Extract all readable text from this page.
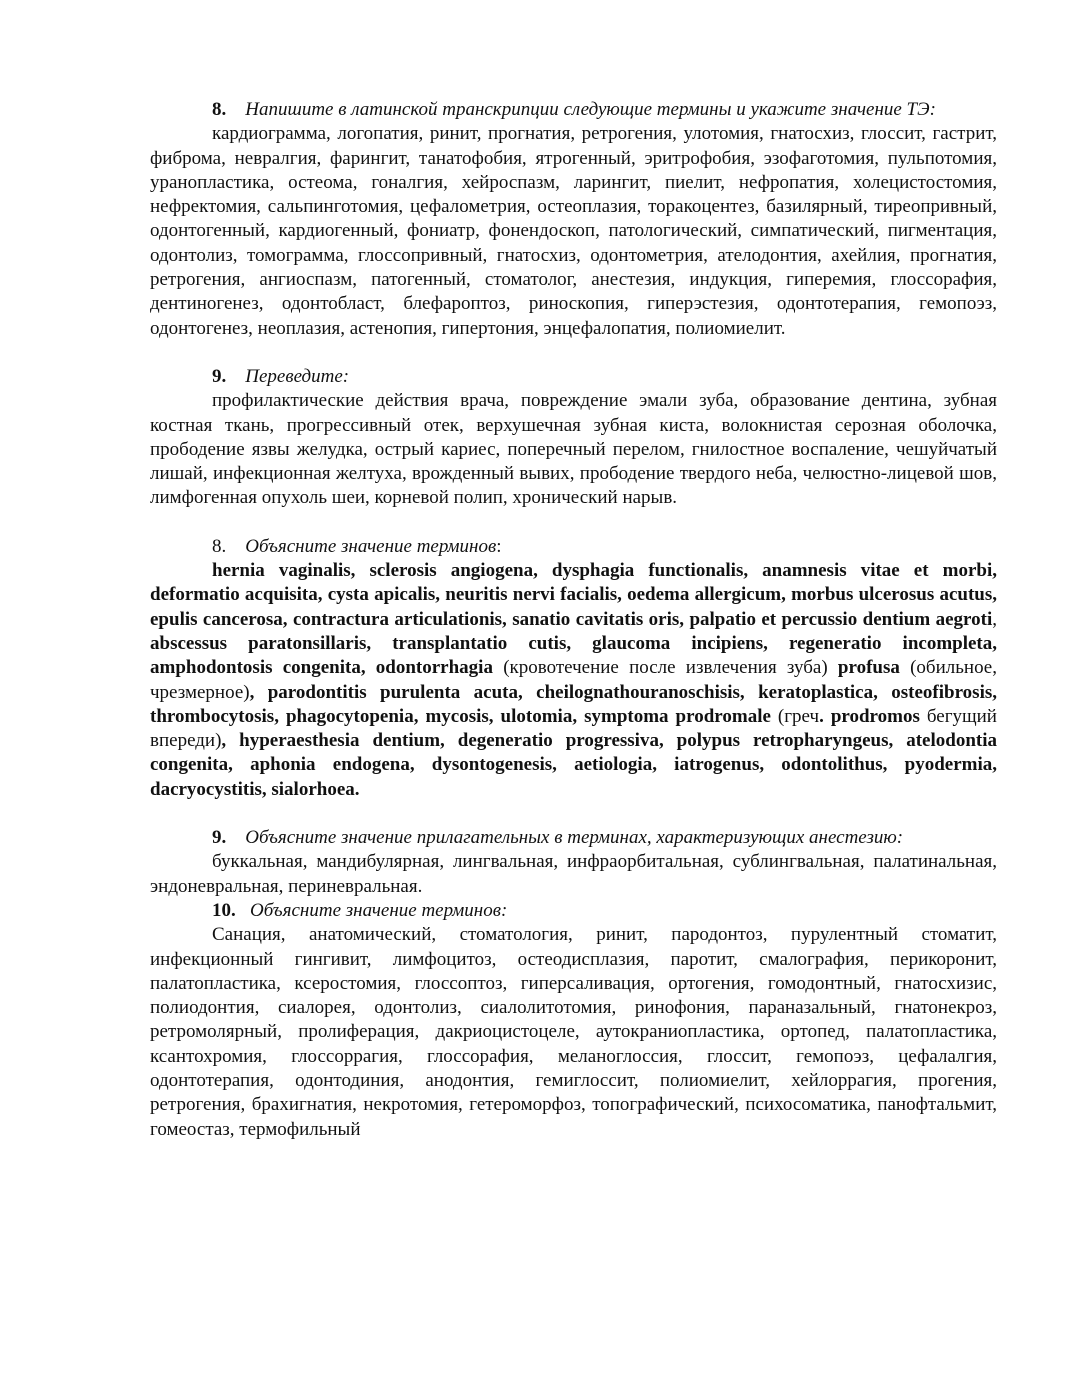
8. Напишите в латинской транскрипции следующие термины и укажите значение ТЭ:

кардиограмма, логопатия, ринит, прогнатия, ретрогения, улотомия, гнатосхиз, глоссит, гастрит, фиброма, невралгия, фарингит, танатофобия, ятрогенный, эритрофобия, эзофаготомия, пульпотомия, уранопластика, остеома, гоналгия, хейроспазм, ларингит, пиелит, нефропатия, холецистостомия, нефректомия, сальпинготомия, цефалометрия, остеоплазия, торакоцентез, базилярный, тиреопривный, одонтогенный, кардиогенный, фониатр, фонендоскоп, патологический, симпатический, пигментация, одонтолиз, томограмма, глоссопривный, гнатосхиз, одонтометрия, ателодонтия, ахейлия, прогнатия, ретрогения, ангиоспазм, патогенный, стоматолог, анестезия, индукция, гиперемия, глоссорафия, дентиногенез, одонтобласт, блефароптоз, риноскопия, гиперэстезия, одонтотерапия, гемопоэз, одонтогенез, неоплазия, астенопия, гипертония, энцефалопатия, полиомиелит.

9. Переведите:

профилактические действия врача, повреждение эмали зуба, образование дентина, зубная костная ткань, прогрессивный отек, верхушечная зубная киста, волокнистая серозная оболочка, прободение язвы желудка, острый кариес, поперечный перелом, гнилостное воспаление, чешуйчатый лишай, инфекционная желтуха, врожденный вывих, прободение твердого неба, челюстно-лицевой шов, лимфогенная опухоль шеи, корневой полип, хронический нарыв.

8. Объясните значение терминов:

hernia vaginalis, sclerosis angiogena, dysphagia functionalis, anamnesis vitae et morbi, deformatio acquisita, cysta apicalis, neuritis nervi facialis, oedema allergicum, morbus ulcerosus acutus, epulis cancerosa, contractura articulationis, sanatio cavitatis oris, palpatio et percussio dentium aegroti, abscessus paratonsillaris, transplantatio cutis, glaucoma incipiens, regeneratio incompleta, amphodontosis congenita, odontorrhagia (кровотечение после извлечения зуба) profusa (обильное, чрезмерное), parodontitis purulenta acuta, cheilognathouranoschisis, keratoplastica, osteofibrosis, thrombocytosis, phagocytopenia, mycosis, ulotomia, symptoma prodromale (греч. prodromos бегущий впереди), hyperaesthesia dentium, degeneratio progressiva, polypus retropharyngeus, atelodontia congenita, aphonia endogena, dysontogenesis, aetiologia, iatrogenus, odontolithus, pyodermia, dacryocystitis, sialorhoea.

9. Объясните значение прилагательных в терминах, характеризующих анестезию:

буккальная, мандибулярная, лингвальная, инфраорбитальная, сублингвальная, палатинальная, эндоневральная, периневральная.

10. Объясните значение терминов:

Санация, анатомический, стоматология, ринит, пародонтоз, пурулентный стоматит, инфекционный гингивит, лимфоцитоз, остеодисплазия, паротит, смалография, перикоронит, палатопластика, ксеростомия, глоссоптоз, гиперсаливация, ортогения, гомодонтный, гнатосхизис, полиодонтия, сиалорея, одонтолиз, сиалолитотомия, ринофония, параназальный, гнатонекроз, ретромолярный, пролиферация, дакриоцистоцеле, аутокраниопластика, ортопед, палатопластика, ксантохромия, глоссоррагия, глоссорафия, меланоглоссия, глоссит, гемопоэз, цефалалгия, одонтотерапия, одонтодиния, анодонтия, гемиглоссит, полиомиелит, хейлоррагия, прогения, ретрогения, брахигнатия, некротомия, гетероморфоз, топографический, психосоматика, панофтальмит, гомеостаз, термофильный
